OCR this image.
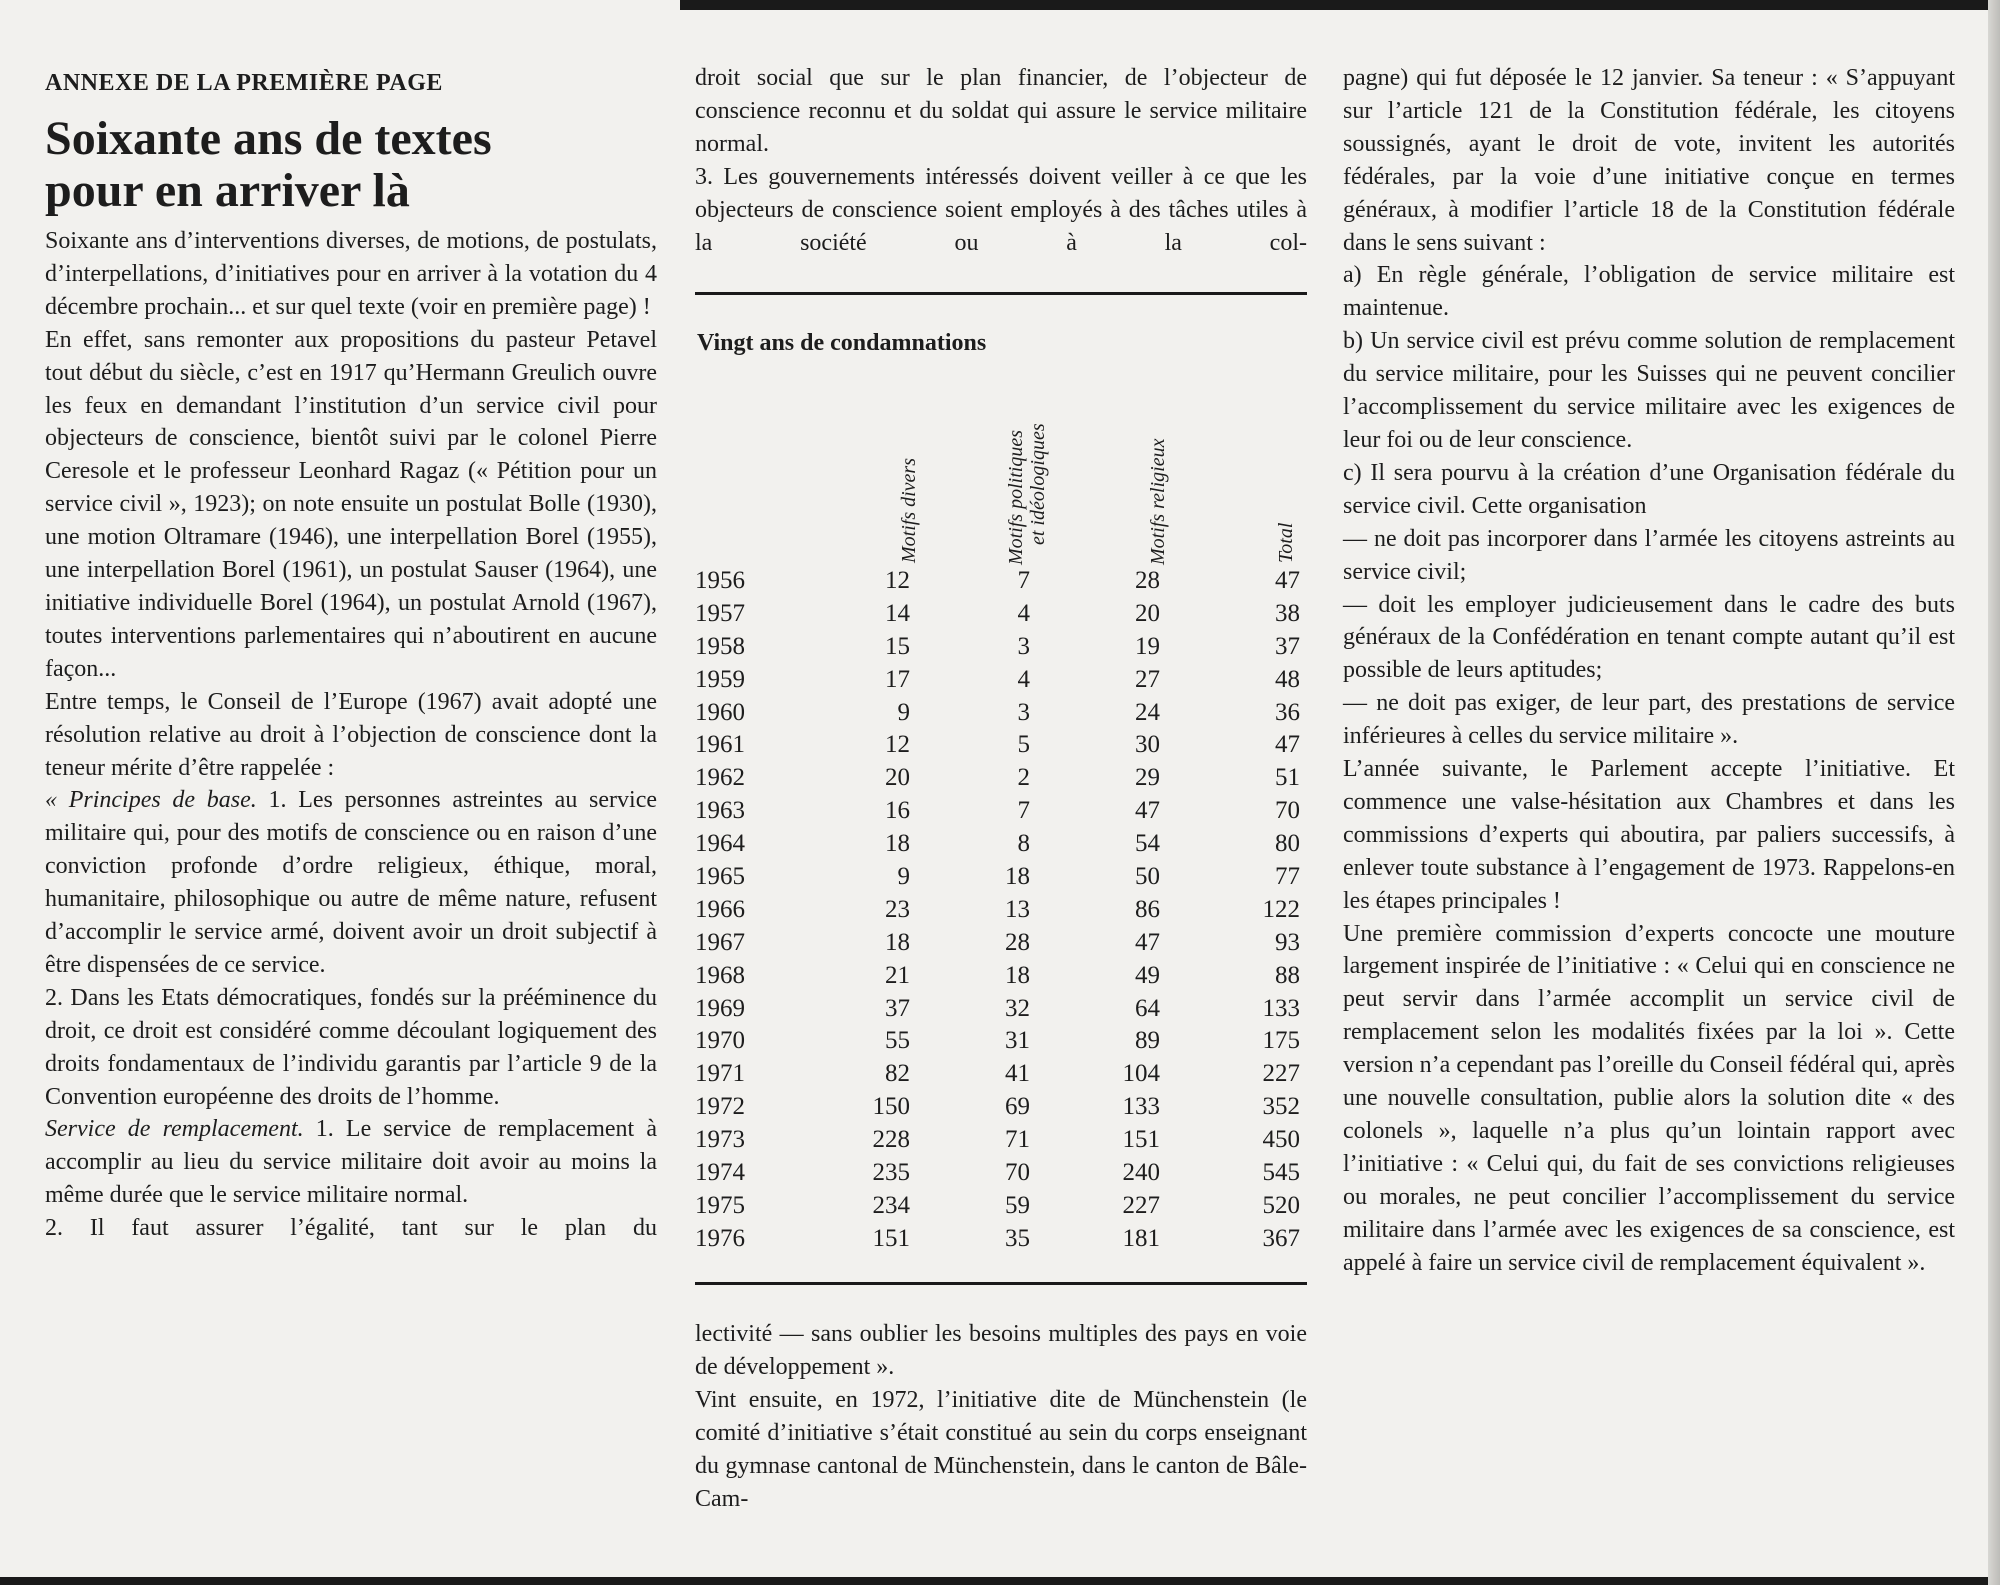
ANNEXE DE LA PREMIÈRE PAGE
Soixante ans de textes
pour en arriver là

Soixante ans d’interventions diverses, de motions, de postulats, d’interpellations, d’initiatives pour en arriver à la votation du 4 décembre prochain... et sur quel texte (voir en première page) !

En effet, sans remonter aux propositions du pasteur Petavel tout début du siècle, c’est en 1917 qu’Hermann Greulich ouvre les feux en demandant l’institution d’un service civil pour objecteurs de conscience, bientôt suivi par le colonel Pierre Ceresole et le professeur Leonhard Ragaz (« Pétition pour un service civil », 1923); on note ensuite un postulat Bolle (1930), une motion Oltramare (1946), une interpellation Borel (1955), une interpellation Borel (1961), un postulat Sauser (1964), une initiative individuelle Borel (1964), un postulat Arnold (1967), toutes interventions parlementaires qui n’aboutirent en aucune façon...

Entre temps, le Conseil de l’Europe (1967) avait adopté une résolution relative au droit à l’objection de conscience dont la teneur mérite d’être rappelée :

« Principes de base. 1. Les personnes astreintes au service militaire qui, pour des motifs de conscience ou en raison d’une conviction profonde d’ordre religieux, éthique, moral, humanitaire, philosophique ou autre de même nature, refusent d’accomplir le service armé, doivent avoir un droit subjectif à être dispensées de ce service.

2. Dans les Etats démocratiques, fondés sur la prééminence du droit, ce droit est considéré comme découlant logiquement des droits fondamentaux de l’individu garantis par l’article 9 de la Convention européenne des droits de l’homme.

Service de remplacement. 1. Le service de remplacement à accomplir au lieu du service militaire doit avoir au moins la même durée que le service militaire normal.

2. Il faut assurer l’égalité, tant sur le plan du

droit social que sur le plan financier, de l’objecteur de conscience reconnu et du soldat qui assure le service militaire normal.

3. Les gouvernements intéressés doivent veiller à ce que les objecteurs de conscience soient employés à des tâches utiles à la société ou à la col-

Vingt ans de condamnations
Motifs divers	Motifs politiques et idéologiques	Motifs religieux	Total
1956	12	7	28	47
1957	14	4	20	38
1958	15	3	19	37
1959	17	4	27	48
1960	9	3	24	36
1961	12	5	30	47
1962	20	2	29	51
1963	16	7	47	70
1964	18	8	54	80
1965	9	18	50	77
1966	23	13	86	122
1967	18	28	47	93
1968	21	18	49	88
1969	37	32	64	133
1970	55	31	89	175
1971	82	41	104	227
1972	150	69	133	352
1973	228	71	151	450
1974	235	70	240	545
1975	234	59	227	520
1976	151	35	181	367

lectivité — sans oublier les besoins multiples des pays en voie de développement ».

Vint ensuite, en 1972, l’initiative dite de Münchenstein (le comité d’initiative s’était constitué au sein du corps enseignant du gymnase cantonal de Münchenstein, dans le canton de Bâle-Cam-

pagne) qui fut déposée le 12 janvier. Sa teneur : « S’appuyant sur l’article 121 de la Constitution fédérale, les citoyens soussignés, ayant le droit de vote, invitent les autorités fédérales, par la voie d’une initiative conçue en termes généraux, à modifier l’article 18 de la Constitution fédérale dans le sens suivant :

a) En règle générale, l’obligation de service militaire est maintenue.

b) Un service civil est prévu comme solution de remplacement du service militaire, pour les Suisses qui ne peuvent concilier l’accomplissement du service militaire avec les exigences de leur foi ou de leur conscience.

c) Il sera pourvu à la création d’une Organisation fédérale du service civil. Cette organisation

— ne doit pas incorporer dans l’armée les citoyens astreints au service civil;

— doit les employer judicieusement dans le cadre des buts généraux de la Confédération en tenant compte autant qu’il est possible de leurs aptitudes;

— ne doit pas exiger, de leur part, des prestations de service inférieures à celles du service militaire ».

L’année suivante, le Parlement accepte l’initiative. Et commence une valse-hésitation aux Chambres et dans les commissions d’experts qui aboutira, par paliers successifs, à enlever toute substance à l’engagement de 1973. Rappelons-en les étapes principales !

Une première commission d’experts concocte une mouture largement inspirée de l’initiative : « Celui qui en conscience ne peut servir dans l’armée accomplit un service civil de remplacement selon les modalités fixées par la loi ». Cette version n’a cependant pas l’oreille du Conseil fédéral qui, après une nouvelle consultation, publie alors la solution dite « des colonels », laquelle n’a plus qu’un lointain rapport avec l’initiative : « Celui qui, du fait de ses convictions religieuses ou morales, ne peut concilier l’accomplissement du service militaire dans l’armée avec les exigences de sa conscience, est appelé à faire un service civil de remplacement équivalent ».
